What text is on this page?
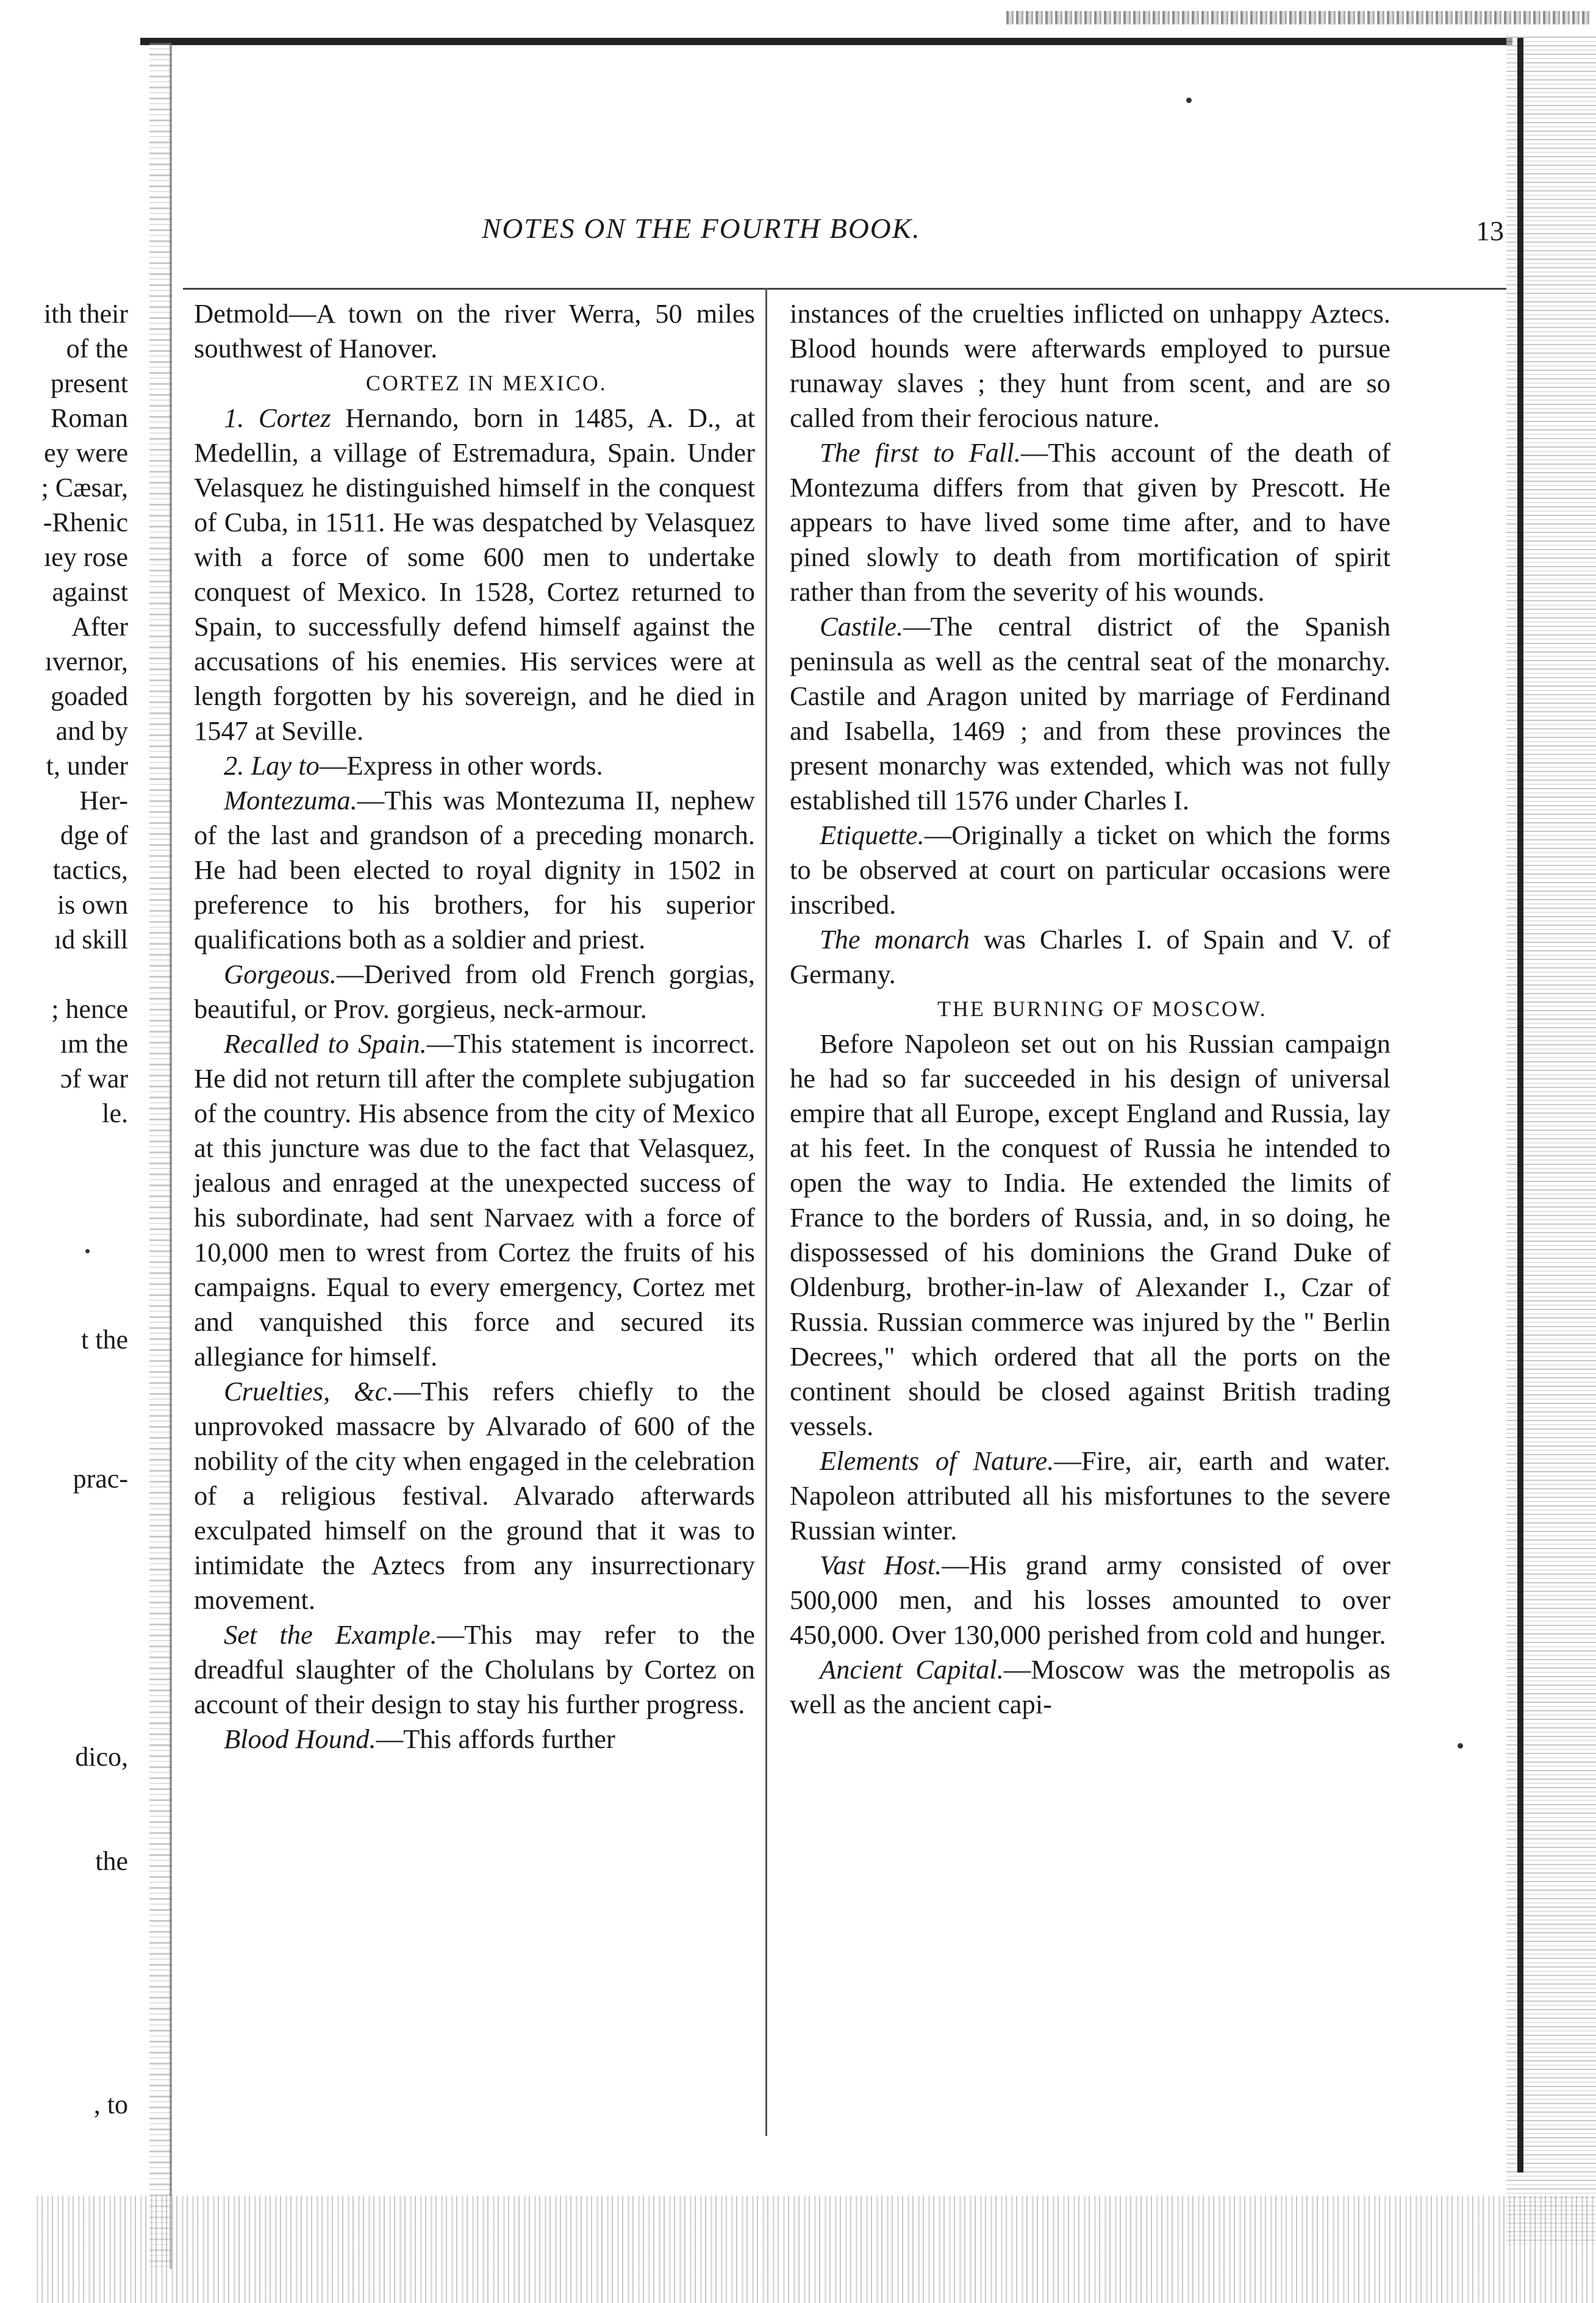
NOTES ON THE FOURTH BOOK.	13
ith their
of the
present
Roman
ey were
; Cæsar,
-Rhenic
ıey rose
against
After
ıvernor,
goaded
and by
t, under
Her-
dge of
tactics,
is own
ıd skill
; hence
ım the
ɔf war
le.
t the
prac-
dico,
the
, to

Detmold—A town on the river Werra, 50 miles southwest of Hanover.

CORTEZ IN MEXICO.

1. Cortez Hernando, born in 1485, A. D., at Medellin, a village of Estremadura, Spain. Under Velasquez he distinguished himself in the conquest of Cuba, in 1511. He was despatched by Velasquez with a force of some 600 men to undertake conquest of Mexico. In 1528, Cortez returned to Spain, to successfully defend himself against the accusations of his enemies. His services were at length forgotten by his sovereign, and he died in 1547 at Seville.

2. Lay to—Express in other words.

Montezuma.—This was Montezuma II, nephew of the last and grandson of a preceding monarch. He had been elected to royal dignity in 1502 in preference to his brothers, for his superior qualifications both as a soldier and priest.

Gorgeous.—Derived from old French gorgias, beautiful, or Prov. gorgieus, neck-armour.

Recalled to Spain.—This statement is incorrect. He did not return till after the complete subjugation of the country. His absence from the city of Mexico at this juncture was due to the fact that Velasquez, jealous and enraged at the unexpected success of his subordinate, had sent Narvaez with a force of 10,000 men to wrest from Cortez the fruits of his campaigns. Equal to every emergency, Cortez met and vanquished this force and secured its allegiance for himself.

Cruelties, &c.—This refers chiefly to the unprovoked massacre by Alvarado of 600 of the nobility of the city when engaged in the celebration of a religious festival. Alvarado afterwards exculpated himself on the ground that it was to intimidate the Aztecs from any insurrectionary movement.

Set the Example.—This may refer to the dreadful slaughter of the Cholulans by Cortez on account of their design to stay his further progress.

Blood Hound.—This affords further

instances of the cruelties inflicted on unhappy Aztecs. Blood hounds were afterwards employed to pursue runaway slaves ; they hunt from scent, and are so called from their ferocious nature.

The first to Fall.—This account of the death of Montezuma differs from that given by Prescott. He appears to have lived some time after, and to have pined slowly to death from mortification of spirit rather than from the severity of his wounds.

Castile.—The central district of the Spanish peninsula as well as the central seat of the monarchy. Castile and Aragon united by marriage of Ferdinand and Isabella, 1469 ; and from these provinces the present monarchy was extended, which was not fully established till 1576 under Charles I.

Etiquette.—Originally a ticket on which the forms to be observed at court on particular occasions were inscribed.

The monarch was Charles I. of Spain and V. of Germany.

THE BURNING OF MOSCOW.

Before Napoleon set out on his Russian campaign he had so far succeeded in his design of universal empire that all Europe, except England and Russia, lay at his feet. In the conquest of Russia he intended to open the way to India. He extended the limits of France to the borders of Russia, and, in so doing, he dispossessed of his dominions the Grand Duke of Oldenburg, brother-in-law of Alexander I., Czar of Russia. Russian commerce was injured by the " Berlin Decrees," which ordered that all the ports on the continent should be closed against British trading vessels.

Elements of Nature.—Fire, air, earth and water. Napoleon attributed all his misfortunes to the severe Russian winter.

Vast Host.—His grand army consisted of over 500,000 men, and his losses amounted to over 450,000. Over 130,000 perished from cold and hunger.

Ancient Capital.—Moscow was the metropolis as well as the ancient capi-
